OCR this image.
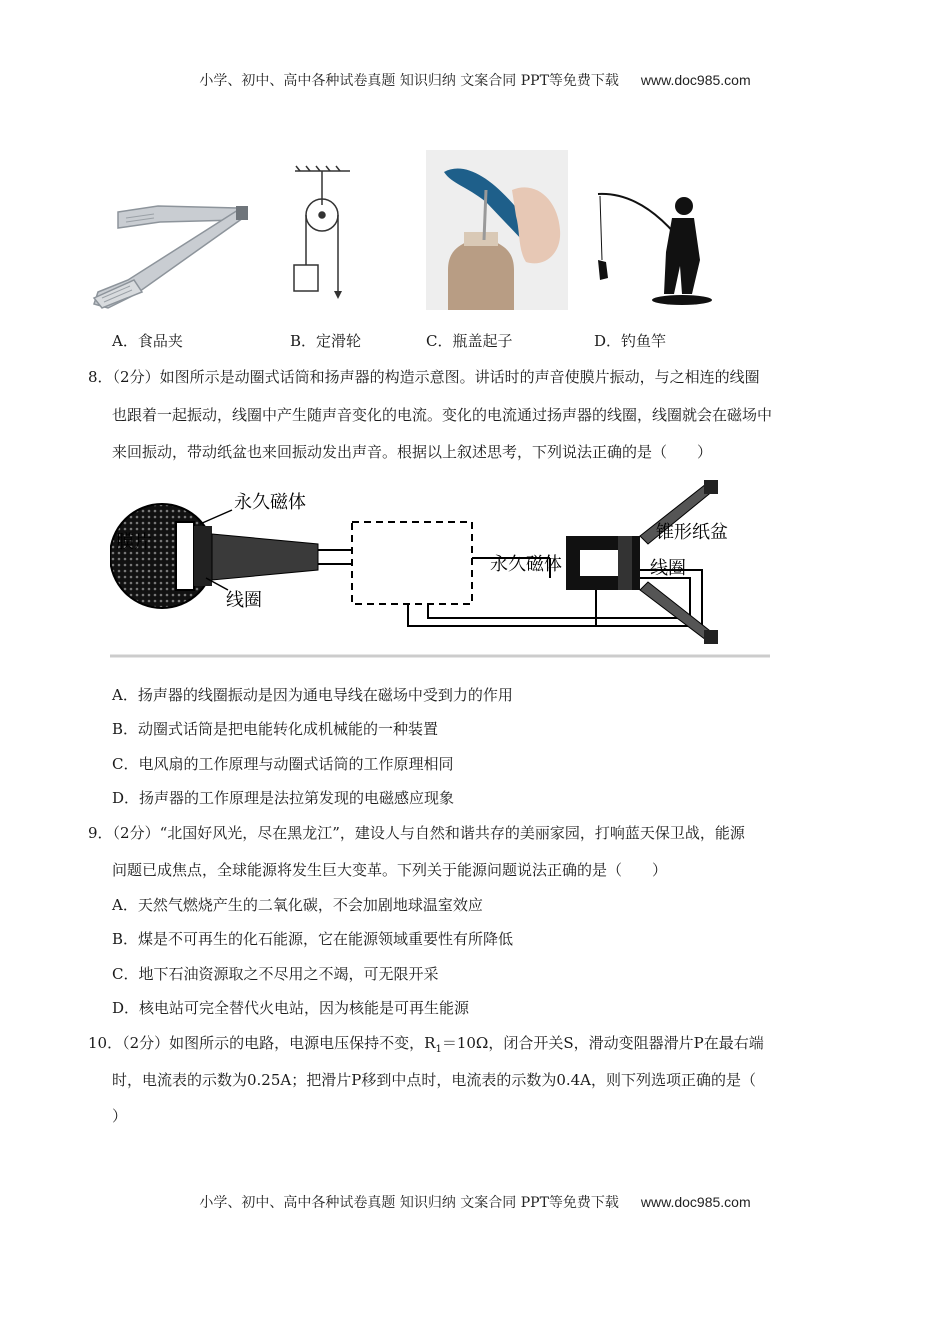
小学、初中、高中各种试卷真题 知识归纳 文案合同 PPT等免费下载 www.doc985.com
A．食品夹	B．定滑轮	C．瓶盖起子	D．钓鱼竿
8．（2分）如图所示是动圈式话筒和扬声器的构造示意图。讲话时的声音使膜片振动，与之相连的线圈
也跟着一起振动，线圈中产生随声音变化的电流。变化的电流通过扬声器的线圈，线圈就会在磁场中
来回振动，带动纸盆也来回振动发出声音。根据以上叙述思考，下列说法正确的是（　　）
永久磁体
膜片
线圈
锥形纸盆
永久磁体	线圈
A．扬声器的线圈振动是因为通电导线在磁场中受到力的作用
B．动圈式话筒是把电能转化成机械能的一种装置
C．电风扇的工作原理与动圈式话筒的工作原理相同
D．扬声器的工作原理是法拉第发现的电磁感应现象
9．（2分）“北国好风光，尽在黑龙江”，建设人与自然和谐共存的美丽家园，打响蓝天保卫战，能源
问题已成焦点，全球能源将发生巨大变革。下列关于能源问题说法正确的是（　　）
A．天然气燃烧产生的二氧化碳，不会加剧地球温室效应
B．煤是不可再生的化石能源，它在能源领域重要性有所降低
C．地下石油资源取之不尽用之不竭，可无限开采
D．核电站可完全替代火电站，因为核能是可再生能源
10．（2分）如图所示的电路，电源电压保持不变，$R_1=10\Omega$，闭合开关S，滑动变阻器滑片P在最右端
时，电流表的示数为0.25A；把滑片P移到中点时，电流表的示数为0.4A，则下列选项正确的是（
）
小学、初中、高中各种试卷真题 知识归纳 文案合同 PPT等免费下载 www.doc985.com
